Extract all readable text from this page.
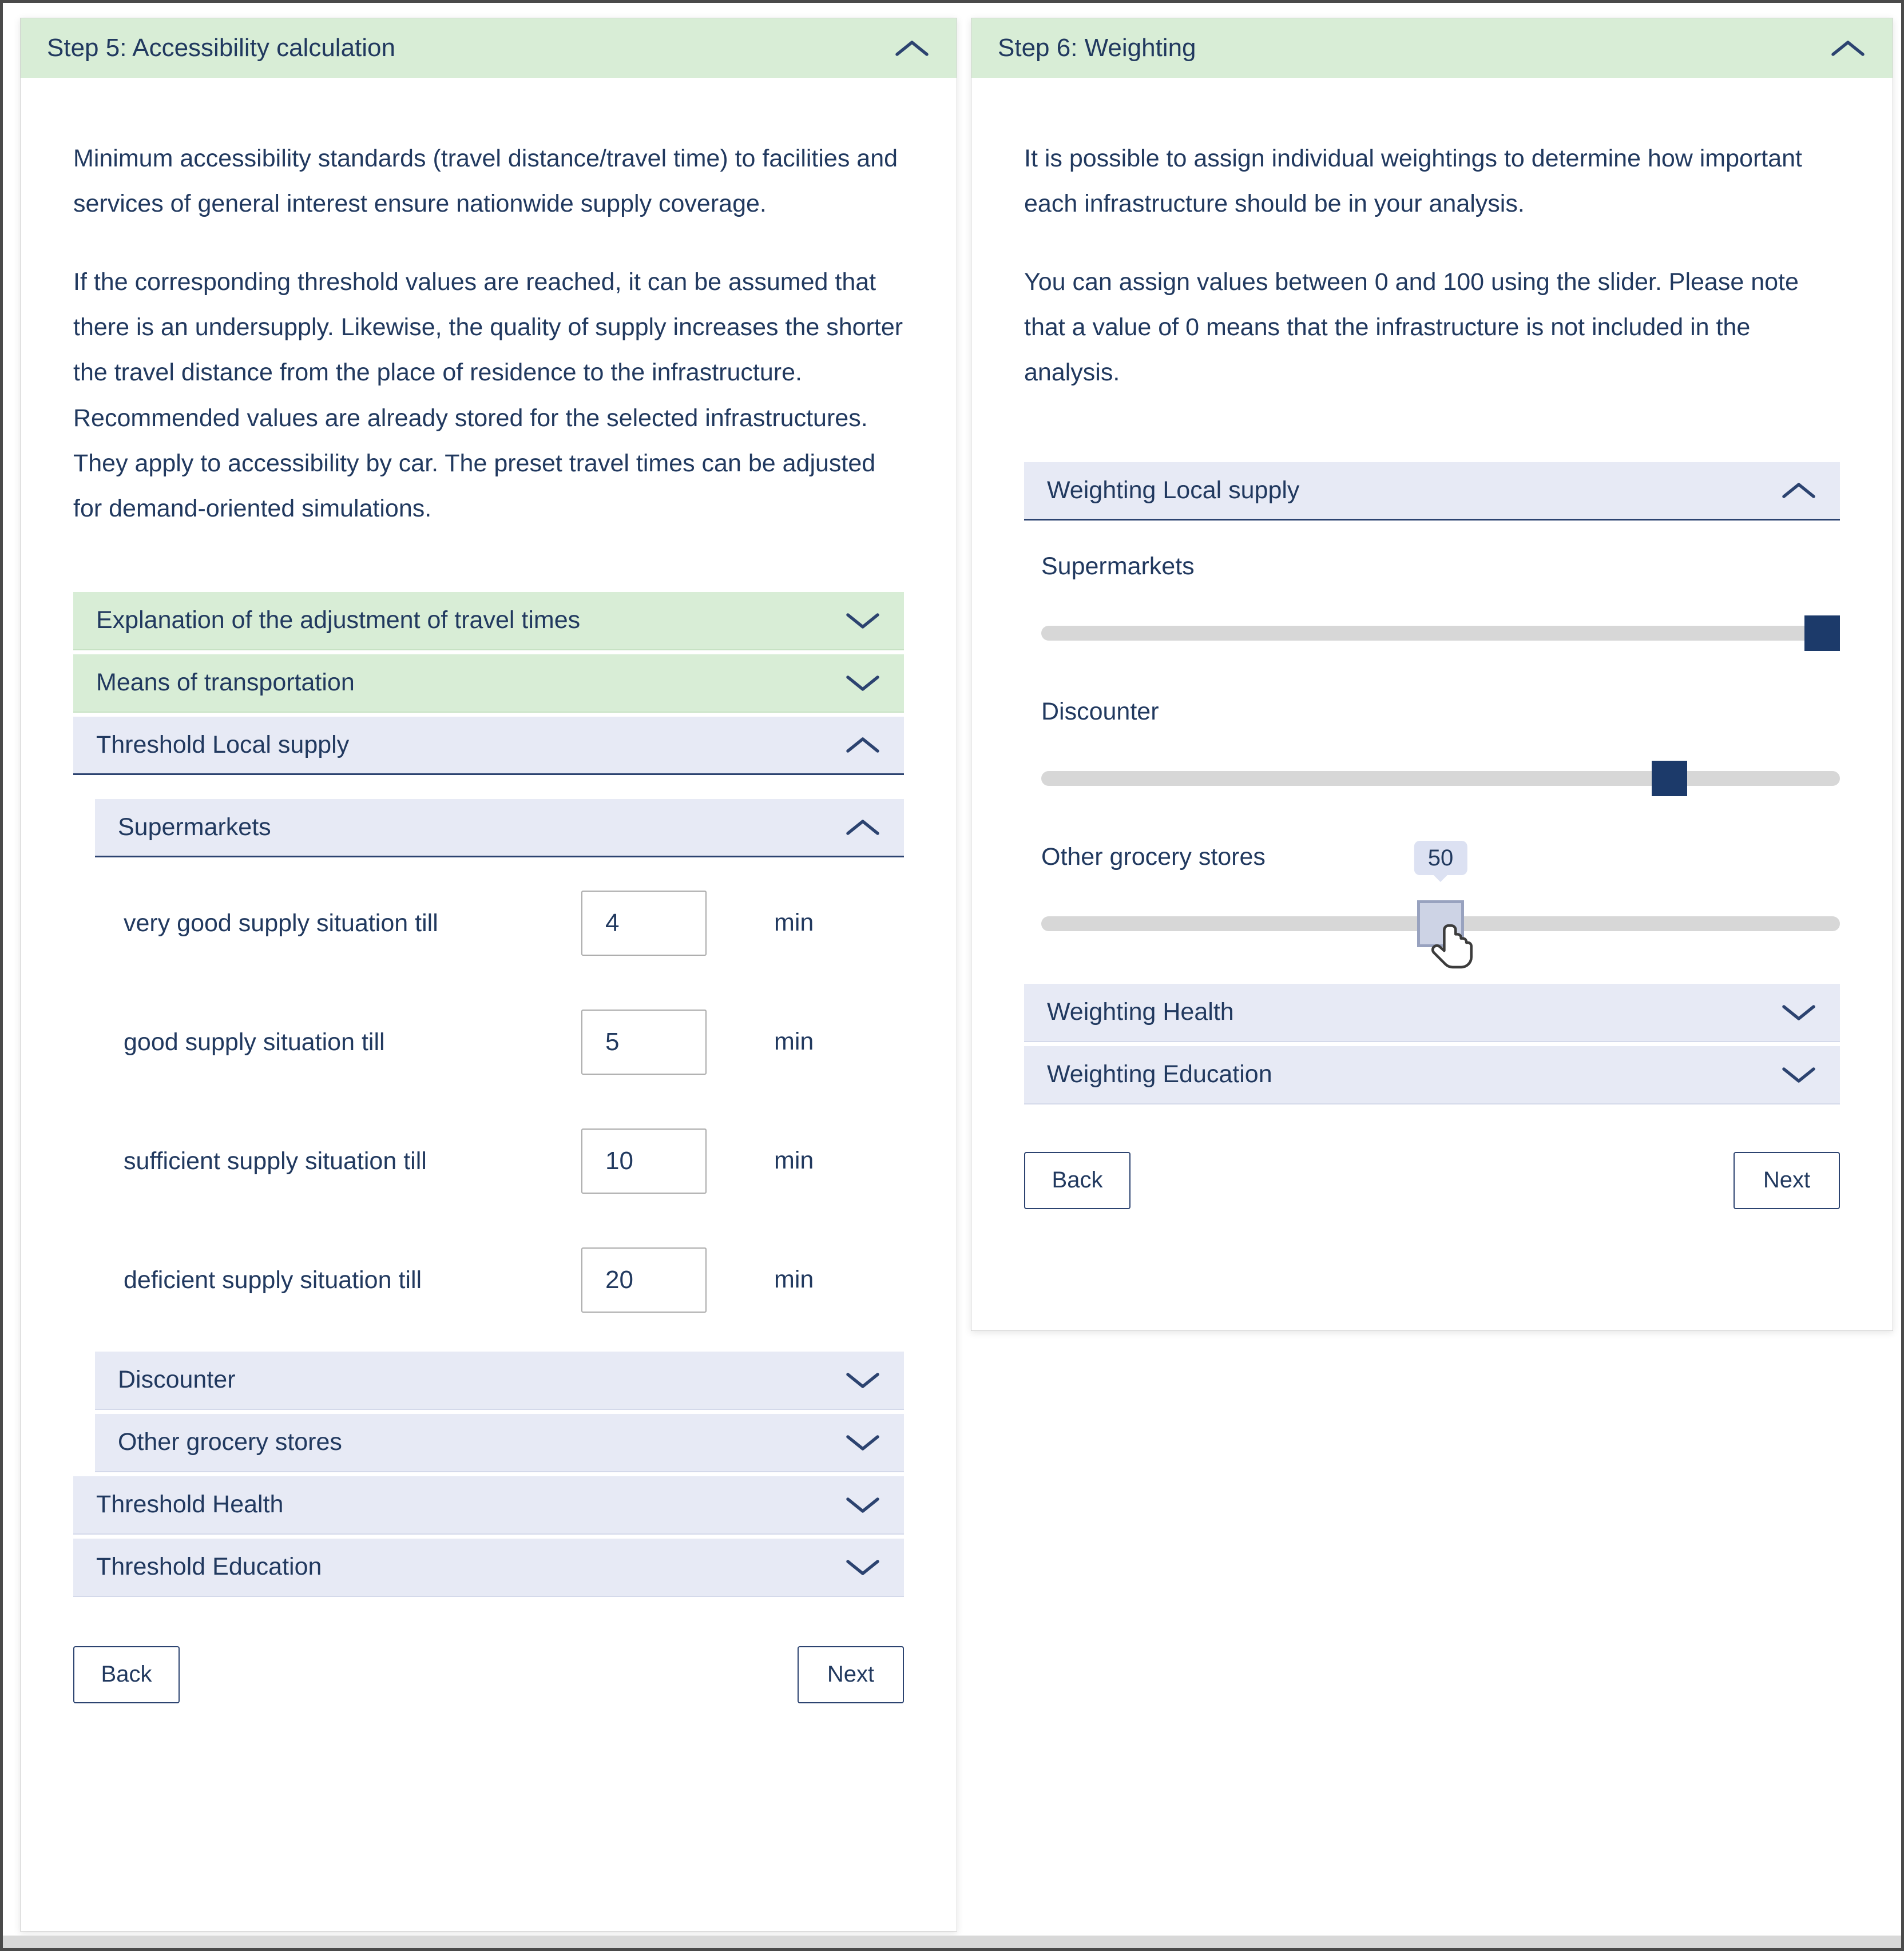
Step 5: Accessibility calculation

Minimum accessibility standards (travel distance/travel time) to facilities and services of general interest ensure nationwide supply coverage.

If the corresponding threshold values are reached, it can be assumed that there is an undersupply. Likewise, the quality of supply increases the shorter the travel distance from the place of residence to the infrastructure. Recommended values are already stored for the selected infrastructures. They apply to accessibility by car. The preset travel times can be adjusted for demand-oriented simulations.

Explanation of the adjustment of travel times
Means of transportation
Threshold Local supply
Supermarkets
very good supply situation till
4	min
good supply situation till
5	min
sufficient supply situation till
10	min
deficient supply situation till
20	min
Discounter
Other grocery stores
Threshold Health
Threshold Education
Back	Next
Step 6: Weighting

It is possible to assign individual weightings to determine how important each infrastructure should be in your analysis.

You can assign values between 0 and 100 using the slider. Please note that a value of 0 means that the infrastructure is not included in the analysis.

Weighting Local supply
Supermarkets
Discounter
Other grocery stores	50
Weighting Health
Weighting Education
Back	Next
